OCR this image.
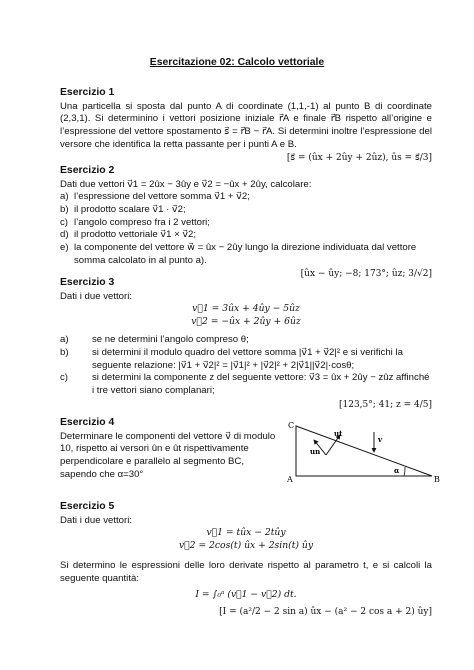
Esercitazione 02: Calcolo vettoriale
Esercizio 1

Una particella si sposta dal punto A di coordinate (1,1,-1) al punto B di coordinate (2,3,1). Si determinino i vettori posizione iniziale r⃗A e finale r⃗B rispetto all’origine e l’espressione del vettore spostamento s⃗ = r⃗B − r⃗A. Si determini inoltre l’espressione del versore che identifica la retta passante per i punti A e B.

[s⃗ = (ûx + 2ûy + 2ûz), ûs = s⃗/3]
Esercizio 2

Dati due vettori v⃗1 = 2ûx − 3ûy e v⃗2 = −ûx + 2ûy, calcolare:

a) l’espressione del vettore somma v⃗1 + v⃗2;
b) il prodotto scalare v⃗1 · v⃗2;
c) l’angolo compreso fra i 2 vettori;
d) il prodotto vettoriale v⃗1 × v⃗2;
e) la componente del vettore w⃗ = ûx − 2ûy lungo la direzione individuata dal vettore somma calcolato in al punto a).
[ûx − ûy; −8; 173°; ûz; 3/√2]
Esercizio 3

Dati i due vettori:

v⃗1 = 3ûx + 4ûy − 5ûz
v⃗2 = −ûx + 2ûy + 6ûz
a) se ne determini l’angolo compreso θ;
b) si determini il modulo quadro del vettore somma |v⃗1 + v⃗2|² e si verifichi la seguente relazione: |v⃗1 + v⃗2|² = |v⃗1|² + |v⃗2|² + 2|v⃗1||v⃗2|·cosθ;
c)	si determini la componente z del seguente vettore: v⃗3 = ûx + 2ûy − zûz affinché i tre vettori siano complanari;
[123,5°; 41; z = 4/5]
Esercizio 4

Determinare le componenti del vettore v⃗ di modulo 10, rispetto ai versori ûn e ût rispettivamente perpendicolare e parallelo al segmento BC, sapendo che α=30°

C
A	B
ut
un
v
α
Esercizio 5

Dati i due vettori:

v⃗1 = tûx − 2tûy
v⃗2 = 2cos(t) ûx + 2sin(t) ûy

Si determino le espressioni delle loro derivate rispetto al parametro t, e si calcoli la seguente quantità:

I = ∫₀ᵃ (v⃗1 − v⃗2) dt.
[I = (a²/2 − 2 sin a) ûx − (a² − 2 cos a + 2) ûy]
